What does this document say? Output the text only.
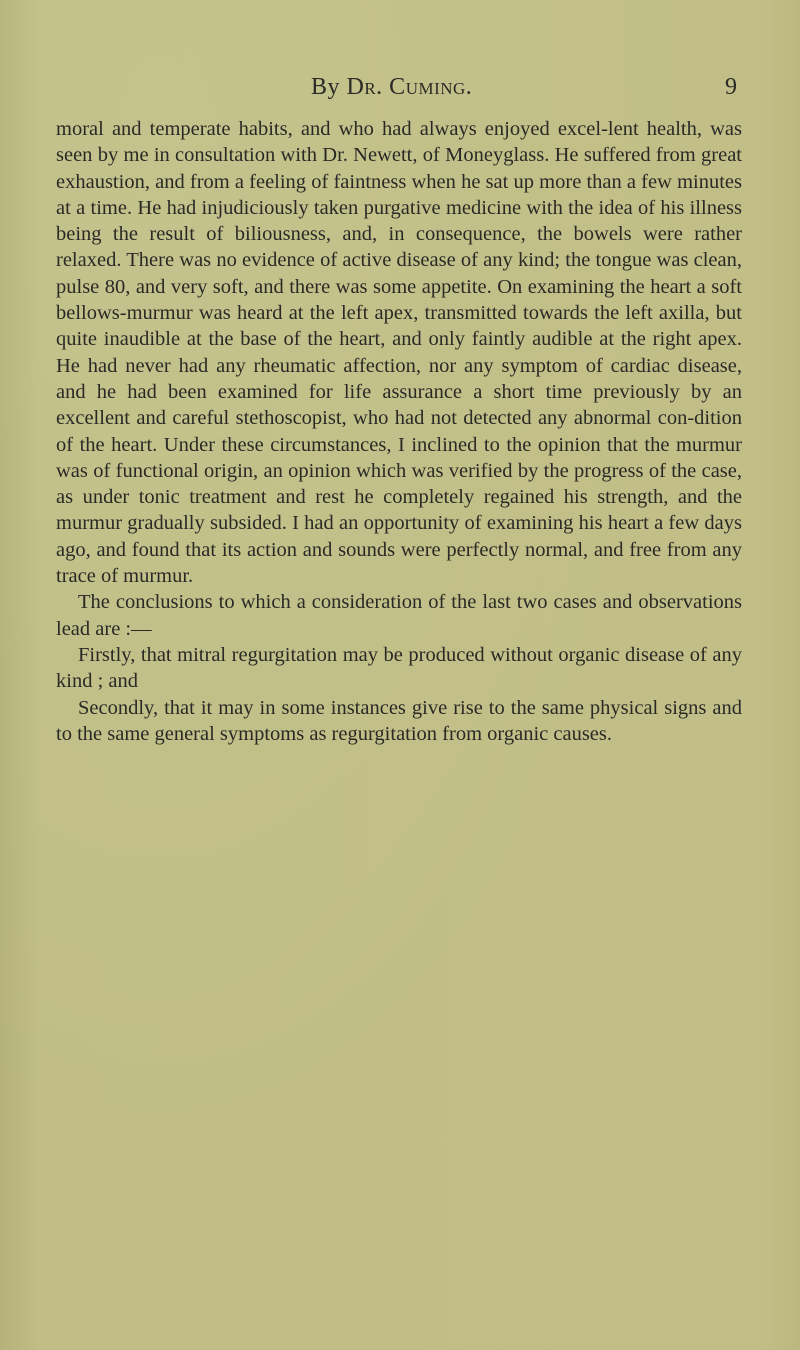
By Dr. Cuming.	9

moral and temperate habits, and who had always enjoyed excel-lent health, was seen by me in consultation with Dr. Newett, of Moneyglass. He suffered from great exhaustion, and from a feeling of faintness when he sat up more than a few minutes at a time. He had injudiciously taken purgative medicine with the idea of his illness being the result of biliousness, and, in consequence, the bowels were rather relaxed. There was no evidence of active disease of any kind; the tongue was clean, pulse 80, and very soft, and there was some appetite. On examining the heart a soft bellows-murmur was heard at the left apex, transmitted towards the left axilla, but quite inaudible at the base of the heart, and only faintly audible at the right apex. He had never had any rheumatic affection, nor any symptom of cardiac disease, and he had been examined for life assurance a short time previously by an excellent and careful stethoscopist, who had not detected any abnormal con-dition of the heart. Under these circumstances, I inclined to the opinion that the murmur was of functional origin, an opinion which was verified by the progress of the case, as under tonic treatment and rest he completely regained his strength, and the murmur gradually subsided. I had an opportunity of examining his heart a few days ago, and found that its action and sounds were perfectly normal, and free from any trace of murmur.

The conclusions to which a consideration of the last two cases and observations lead are :—

Firstly, that mitral regurgitation may be produced without organic disease of any kind ; and

Secondly, that it may in some instances give rise to the same physical signs and to the same general symptoms as regurgitation from organic causes.
